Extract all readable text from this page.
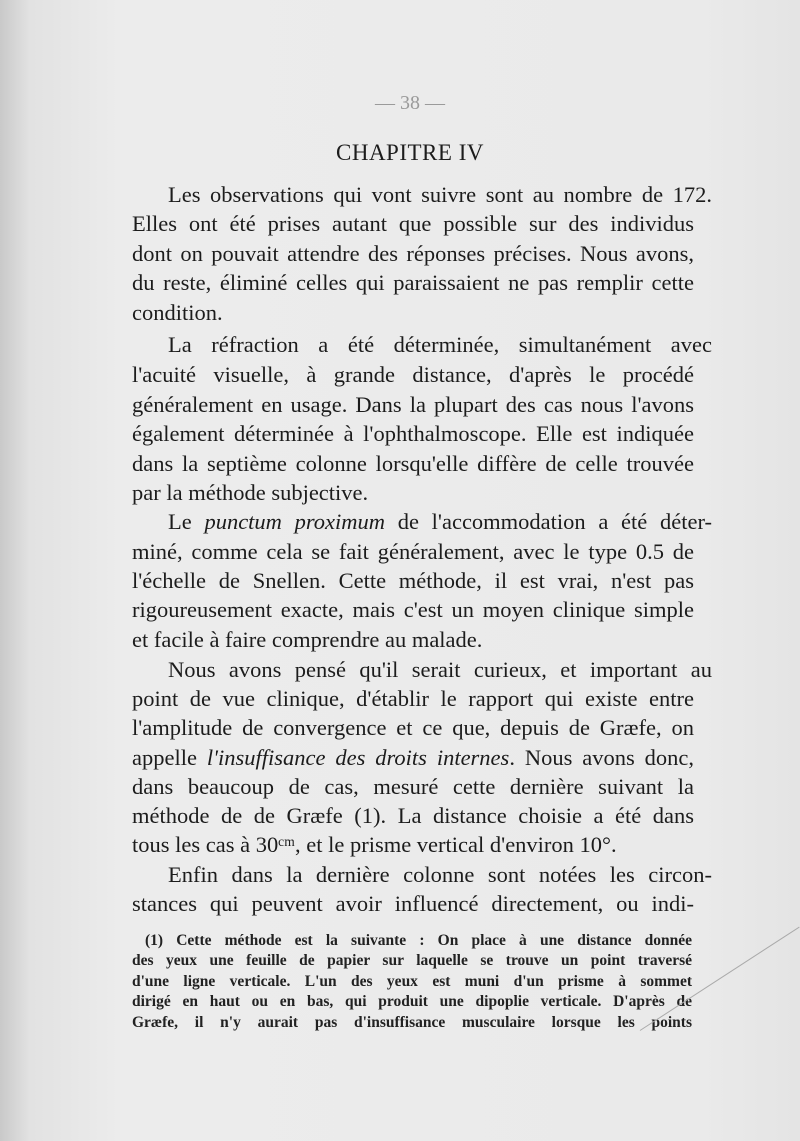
— 38 —
CHAPITRE IV
Les observations qui vont suivre sont au nombre de 172.
Elles ont été prises autant que possible sur des individus
dont on pouvait attendre des réponses précises. Nous avons,
du reste, éliminé celles qui paraissaient ne pas remplir cette
condition.
La réfraction a été déterminée, simultanément avec
l'acuité visuelle, à grande distance, d'après le procédé
généralement en usage. Dans la plupart des cas nous l'avons
également déterminée à l'ophthalmoscope. Elle est indiquée
dans la septième colonne lorsqu'elle diffère de celle trouvée
par la méthode subjective.
Le punctum proximum de l'accommodation a été déter-
miné, comme cela se fait généralement, avec le type 0.5 de
l'échelle de Snellen. Cette méthode, il est vrai, n'est pas
rigoureusement exacte, mais c'est un moyen clinique simple
et facile à faire comprendre au malade.
Nous avons pensé qu'il serait curieux, et important au
point de vue clinique, d'établir le rapport qui existe entre
l'amplitude de convergence et ce que, depuis de Græfe, on
appelle l'insuffisance des droits internes. Nous avons donc,
dans beaucoup de cas, mesuré cette dernière suivant la
méthode de de Græfe (1). La distance choisie a été dans
tous les cas à 30ᶜᵐ, et le prisme vertical d'environ 10°.
Enfin dans la dernière colonne sont notées les circon-
stances qui peuvent avoir influencé directement, ou indi-
(1) Cette méthode est la suivante : On place à une distance donnée
des yeux une feuille de papier sur laquelle se trouve un point traversé
d'une ligne verticale. L'un des yeux est muni d'un prisme à sommet
dirigé en haut ou en bas, qui produit une dipoplie verticale. D'après de
Græfe, il n'y aurait pas d'insuffisance musculaire lorsque les points
